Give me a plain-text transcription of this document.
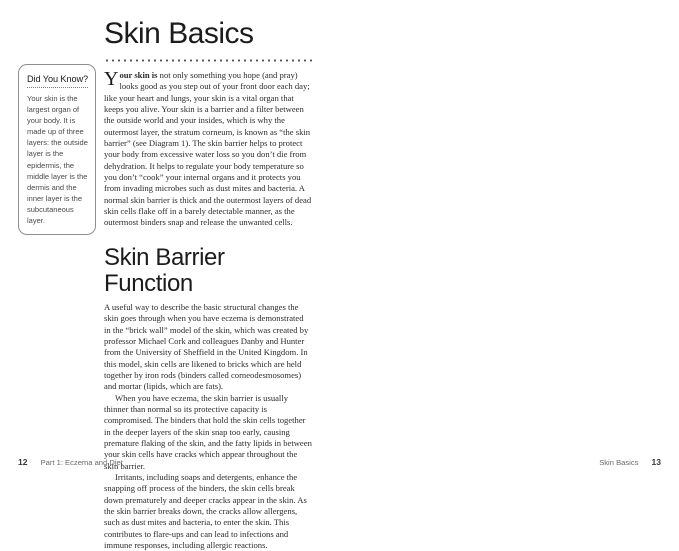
Did You Know?

Your skin is the largest organ of your body. It is made up of three layers: the outside layer is the epidermis, the middle layer is the dermis and the inner layer is the subcutaneous layer.

Skin Basics

Your skin is not only something you hope (and pray) looks good as you step out of your front door each day; like your heart and lungs, your skin is a vital organ that keeps you alive. Your skin is a barrier and a filter between the outside world and your insides, which is why the outermost layer, the stratum corneum, is known as “the skin barrier” (see Diagram 1). The skin barrier helps to protect your body from excessive water loss so you don’t die from dehydration. It helps to regulate your body temperature so you don’t “cook” your internal organs and it protects you from invading microbes such as dust mites and bacteria. A normal skin barrier is thick and the outermost layers of dead skin cells flake off in a barely detectable manner, as the outermost binders snap and release the unwanted cells.

Skin Barrier Function

A useful way to describe the basic structural changes the skin goes through when you have eczema is demonstrated in the “brick wall” model of the skin, which was created by professor Michael Cork and colleagues Danby and Hunter from the University of Sheffield in the United Kingdom. In this model, skin cells are likened to bricks which are held together by iron rods (binders called corneodesmosomes) and mortar (lipids, which are fats).

When you have eczema, the skin barrier is usually thinner than normal so its protective capacity is compromised. The binders that hold the skin cells together in the deeper layers of the skin snap too early, causing premature flaking of the skin, and the fatty lipids in between your skin cells have cracks which appear throughout the skin barrier.

Irritants, including soaps and detergents, enhance the snapping off process of the binders, the skin cells break down prematurely and deeper cracks appear in the skin. As the skin barrier breaks down, the cracks allow allergens, such as dust mites and bacteria, to enter the skin. This contributes to flare-ups and can lead to infections and immune responses, including allergic reactions.

12 Part 1: Eczema and Diet	Skin Basics 13
